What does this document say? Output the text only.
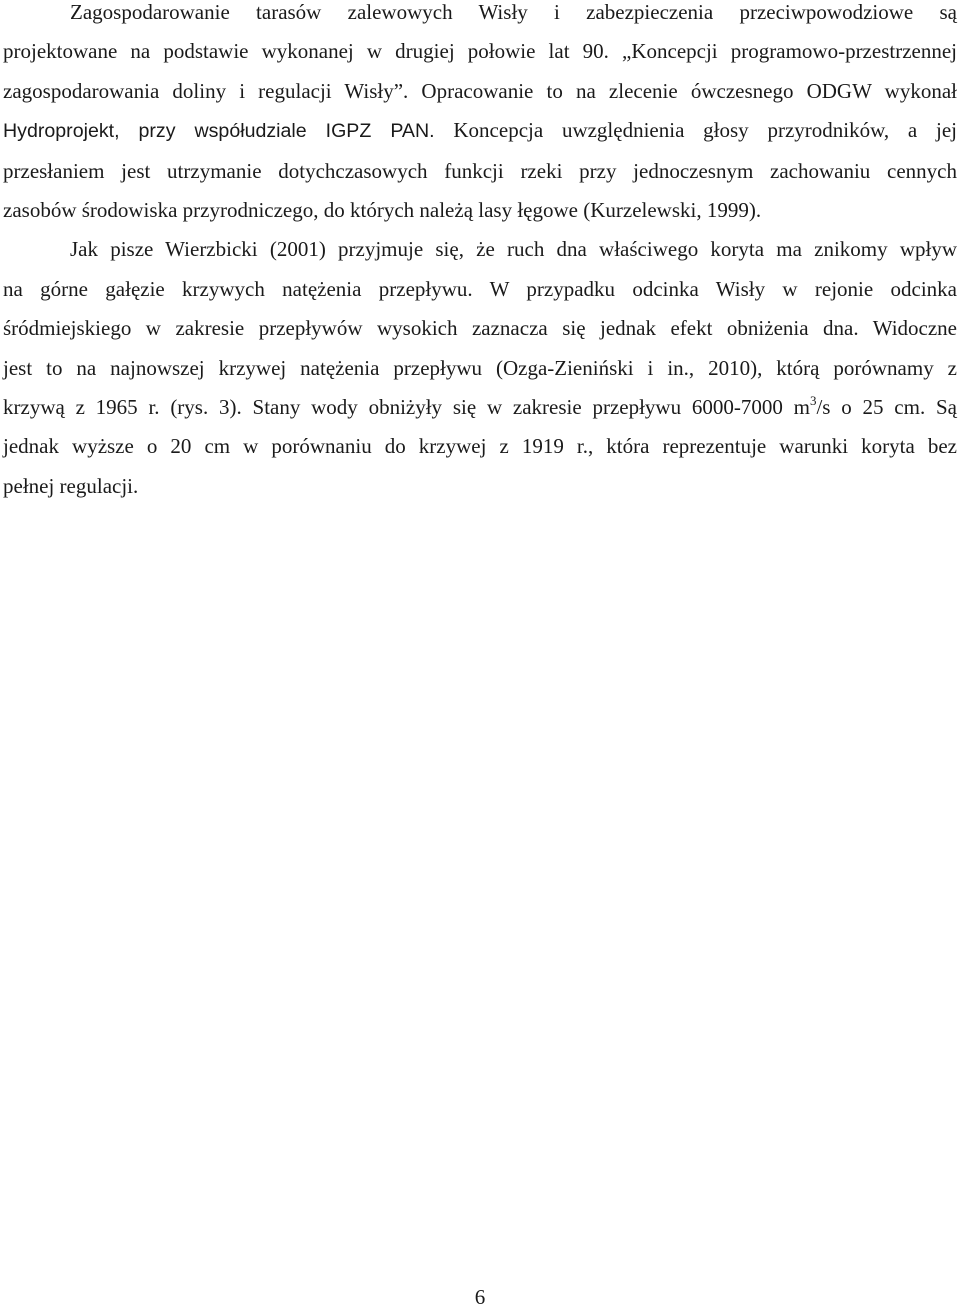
Zagospodarowanie tarasów zalewowych Wisły i zabezpieczenia przeciwpowodziowe są
projektowane na podstawie wykonanej w drugiej połowie lat 90. „Koncepcji programowo-przestrzennej
zagospodarowania doliny i regulacji Wisły”. Opracowanie to na zlecenie ówczesnego ODGW wykonał
Hydroprojekt, przy współudziale IGPZ PAN. Koncepcja uwzględnienia głosy przyrodników, a jej
przesłaniem jest utrzymanie dotychczasowych funkcji rzeki przy jednoczesnym zachowaniu cennych
zasobów środowiska przyrodniczego, do których należą lasy łęgowe (Kurzelewski, 1999).

Jak pisze Wierzbicki (2001) przyjmuje się, że ruch dna właściwego koryta ma znikomy wpływ
na górne gałęzie krzywych natężenia przepływu. W przypadku odcinka Wisły w rejonie odcinka
śródmiejskiego w zakresie przepływów wysokich zaznacza się jednak efekt obniżenia dna. Widoczne
jest to na najnowszej krzywej natężenia przepływu (Ozga-Zieniński i in., 2010), którą porównamy z
krzywą z 1965 r. (rys. 3). Stany wody obniżyły się w zakresie przepływu 6000-7000 $m^3/s$ o 25 cm. Są
jednak wyższe o 20 cm w porównaniu do krzywej z 1919 r., która reprezentuje warunki koryta bez
pełnej regulacji.

6
